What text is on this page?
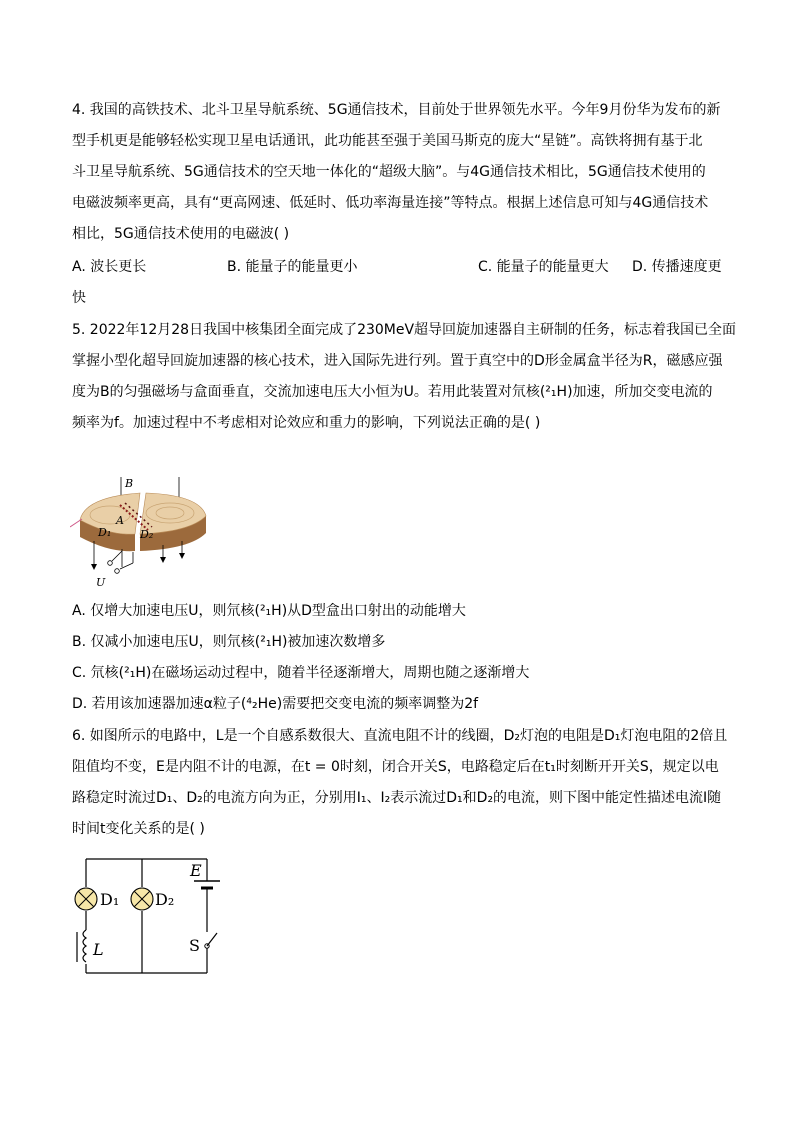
4. 我国的高铁技术、北斗卫星导航系统、5G通信技术，目前处于世界领先水平。今年9月份华为发布的新
型手机更是能够轻松实现卫星电话通讯，此功能甚至强于美国马斯克的庞大“星链”。高铁将拥有基于北
斗卫星导航系统、5G通信技术的空天地一体化的“超级大脑”。与4G通信技术相比，5G通信技术使用的
电磁波频率更高，具有“更高网速、低延时、低功率海量连接”等特点。根据上述信息可知与4G通信技术
相比，5G通信技术使用的电磁波( )
A. 波长更长	B. 能量子的能量更小	C. 能量子的能量更大 D. 传播速度更
快
5. 2022年12月28日我国中核集团全面完成了230MeV超导回旋加速器自主研制的任务，标志着我国已全面
掌握小型化超导回旋加速器的核心技术，进入国际先进行列。置于真空中的D形金属盒半径为R，磁感应强
度为B的匀强磁场与盒面垂直，交流加速电压大小恒为U。若用此装置对氘核(²₁H)加速，所加交变电流的
频率为f。加速过程中不考虑相对论效应和重力的影响，下列说法正确的是( )
B
A
D₁	D₂
U
A. 仅增大加速电压U，则氘核(²₁H)从D型盒出口射出的动能增大
B. 仅减小加速电压U，则氘核(²₁H)被加速次数增多
C. 氘核(²₁H)在磁场运动过程中，随着半径逐渐增大，周期也随之逐渐增大
D. 若用该加速器加速α粒子(⁴₂He)需要把交变电流的频率调整为2f
6. 如图所示的电路中，L是一个自感系数很大、直流电阻不计的线圈，D₂灯泡的电阻是D₁灯泡电阻的2倍且
阻值均不变，E是内阻不计的电源，在t = 0时刻，闭合开关S，电路稳定后在t₁时刻断开开关S，规定以电
路稳定时流过D₁、D₂的电流方向为正，分别用I₁、I₂表示流过D₁和D₂的电流，则下图中能定性描述电流I随
时间t变化关系的是( )
D₁
L
D₂
E
S
